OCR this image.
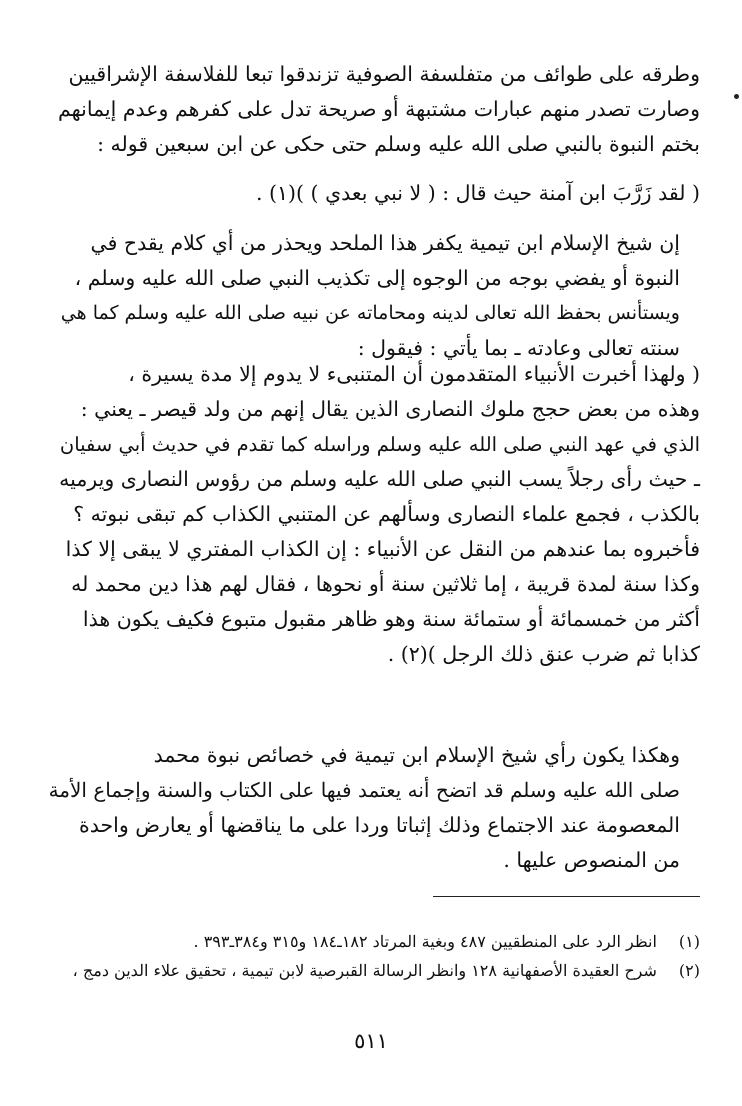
وطرقه على طوائف من متفلسفة الصوفية تزندقوا تبعا للفلاسفة الإشراقيين
وصارت تصدر منهم عبارات مشتبهة أو صريحة تدل على كفرهم وعدم إيمانهم
بختم النبوة بالنبي صلى الله عليه وسلم حتى حكى عن ابن سبعين قوله :
( لقد زَرَّبَ ابن آمنة حيث قال : ( لا نبي بعدي ) )(١) .
إن شيخ الإسلام ابن تيمية يكفر هذا الملحد ويحذر من أي كلام يقدح في
النبوة أو يفضي بوجه من الوجوه إلى تكذيب النبي صلى الله عليه وسلم ،
ويستأنس بحفظ الله تعالى لدينه ومحاماته عن نبيه صلى الله عليه وسلم كما هي
سنته تعالى وعادته ـ بما يأتي : فيقول :
( ولهذا أخبرت الأنبياء المتقدمون أن المتنبىء لا يدوم إلا مدة يسيرة ،
وهذه من بعض حجج ملوك النصارى الذين يقال إنهم من ولد قيصر ـ يعني :
الذي في عهد النبي صلى الله عليه وسلم وراسله كما تقدم في حديث أبي سفيان
ـ حيث رأى رجلاً يسب النبي صلى الله عليه وسلم من رؤوس النصارى ويرميه
بالكذب ، فجمع علماء النصارى وسألهم عن المتنبي الكذاب كم تبقى نبوته ؟
فأخبروه بما عندهم من النقل عن الأنبياء : إن الكذاب المفتري لا يبقى إلا كذا
وكذا سنة لمدة قريبة ، إما ثلاثين سنة أو نحوها ، فقال لهم هذا دين محمد له
أكثر من خمسمائة أو ستمائة سنة وهو ظاهر مقبول متبوع فكيف يكون هذا
كذابا ثم ضرب عنق ذلك الرجل )(٢) .
وهكذا يكون رأي شيخ الإسلام ابن تيمية في خصائص نبوة محمد
صلى الله عليه وسلم قد اتضح أنه يعتمد فيها على الكتاب والسنة وإجماع الأمة
المعصومة عند الاجتماع وذلك إثباتا وردا على ما يناقضها أو يعارض واحدة
من المنصوص عليها .
(١) انظر الرد على المنطقيين ٤٨٧ وبغية المرتاد ١٨٢ـ١٨٤ و٣١٥ و٣٨٤ـ٣٩٣ .
(٢) شرح العقيدة الأصفهانية ١٢٨ وانظر الرسالة القبرصية لابن تيمية ، تحقيق علاء الدين دمج ،
٥١١
